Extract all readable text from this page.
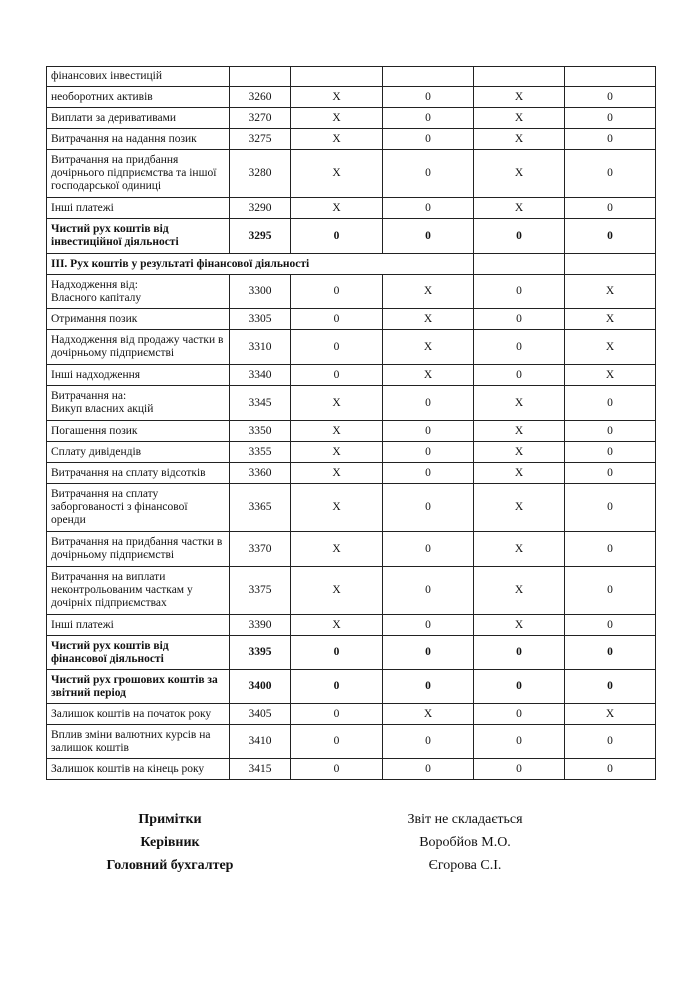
фінансових інвестицій					
необоротних активів	3260	X	0	X	0
Виплати за деривативами	3270	X	0	X	0
Витрачання на надання позик	3275	X	0	X	0
Витрачання на придбання дочірнього підприємства та іншої господарської одиниці	3280	X	0	X	0
Інші платежі	3290	X	0	X	0
Чистий рух коштів від інвестиційної діяльності	3295	0	0	0	0
ІІІ. Рух коштів у результаті фінансової діяльності					
Надходження від:
Власного капіталу	3300	0	X	0	X
Отримання позик	3305	0	X	0	X
Надходження від продажу частки в дочірньому підприємстві	3310	0	X	0	X
Інші надходження	3340	0	X	0	X
Витрачання на:
Викуп власних акцій	3345	X	0	X	0
Погашення позик	3350	X	0	X	0
Сплату дивідендів	3355	X	0	X	0
Витрачання на сплату відсотків	3360	X	0	X	0
Витрачання на сплату заборгованості з фінансової оренди	3365	X	0	X	0
Витрачання на придбання частки в дочірньому підприємстві	3370	X	0	X	0
Витрачання на виплати неконтрольованим часткам у дочірніх підприємствах	3375	X	0	X	0
Інші платежі	3390	X	0	X	0
Чистий рух коштів від фінансової діяльності	3395	0	0	0	0
Чистий рух грошових коштів за звітний період	3400	0	0	0	0
Залишок коштів на початок року	3405	0	X	0	X
Вплив зміни валютних курсів на залишок коштів	3410	0	0	0	0
Залишок коштів на кінець року	3415	0	0	0	0
Примітки	Звіт не складається
Керівник	Воробйов М.О.
Головний бухгалтер	Єгорова С.І.
